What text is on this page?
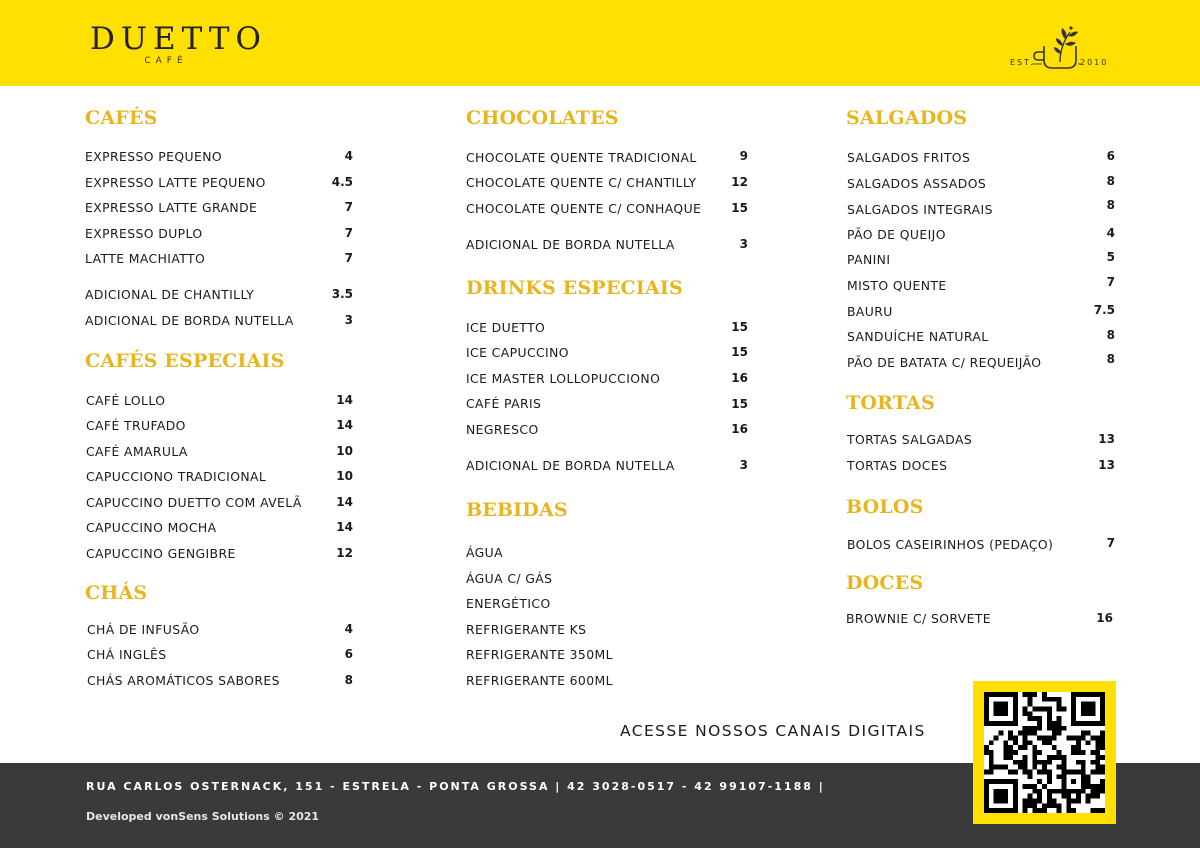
DUETTO
CAFÉ	EST.	2010
CAFÉS
EXPRESSO PEQUENO	4
EXPRESSO LATTE PEQUENO	4.5
EXPRESSO LATTE GRANDE	7
EXPRESSO DUPLO	7
LATTE MACHIATTO	7
ADICIONAL DE CHANTILLY	3.5
ADICIONAL DE BORDA NUTELLA	3
CAFÉS ESPECIAIS
CAFÉ LOLLO	14
CAFÉ TRUFADO	14
CAFÉ AMARULA	10
CAPUCCIONO TRADICIONAL	10
CAPUCCINO DUETTO COM AVELÃ	14
CAPUCCINO MOCHA	14
CAPUCCINO GENGIBRE	12
CHÁS
CHÁ DE INFUSÃO	4
CHÁ INGLÊS	6
CHÁS AROMÁTICOS SABORES	8
CHOCOLATES
CHOCOLATE QUENTE TRADICIONAL	9
CHOCOLATE QUENTE C/ CHANTILLY	12
CHOCOLATE QUENTE C/ CONHAQUE	15
ADICIONAL DE BORDA NUTELLA	3
DRINKS ESPECIAIS
ICE DUETTO	15
ICE CAPUCCINO	15
ICE MASTER LOLLOPUCCIONO	16
CAFÉ PARIS	15
NEGRESCO	16
ADICIONAL DE BORDA NUTELLA	3
BEBIDAS
ÁGUA
ÁGUA C/ GÁS
ENERGÉTICO
REFRIGERANTE KS
REFRIGERANTE 350ML
REFRIGERANTE 600ML
SALGADOS
SALGADOS FRITOS	6
SALGADOS ASSADOS	8
SALGADOS INTEGRAIS	8
PÃO DE QUEIJO	4
PANINI	5
MISTO QUENTE	7
BAURU	7.5
SANDUÍCHE NATURAL	8
PÃO DE BATATA C/ REQUEIJÃO	8
TORTAS
TORTAS SALGADAS	13
TORTAS DOCES	13
BOLOS
BOLOS CASEIRINHOS (PEDAÇO)	7
DOCES
BROWNIE C/ SORVETE	16
ACESSE NOSSOS CANAIS DIGITAIS
RUA CARLOS OSTERNACK, 151 - ESTRELA - PONTA GROSSA | 42 3028-0517 - 42 99107-1188 |
Developed vonSens Solutions © 2021
